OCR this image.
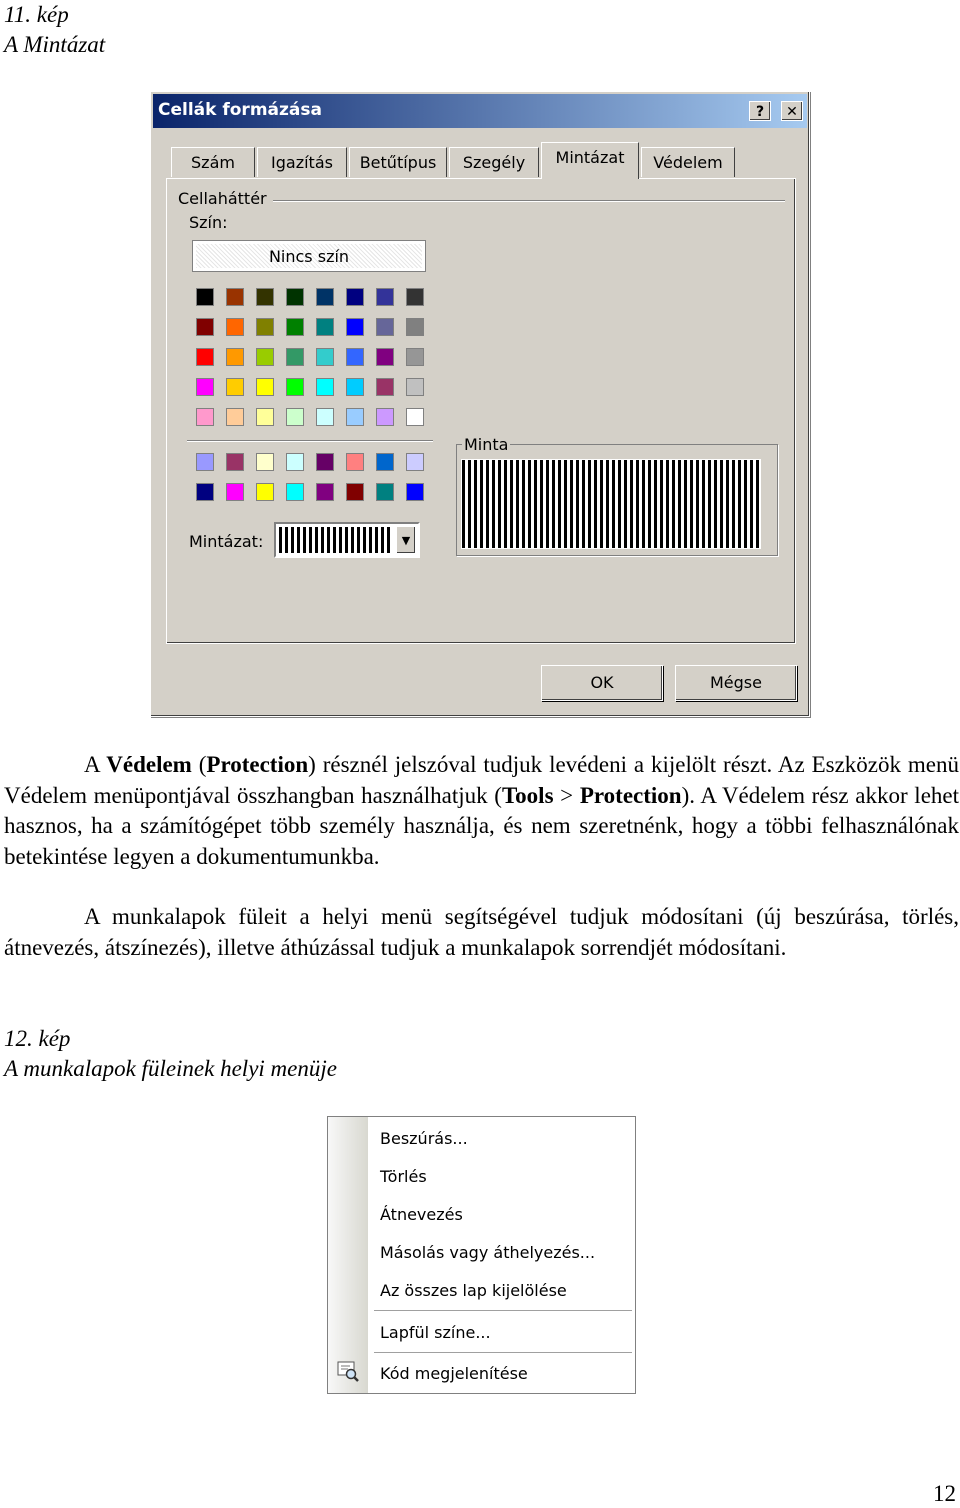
11. kép
A Mintázat
Cellák formázása	?	✕
Szám	Igazítás	Betűtípus	Szegély	Mintázat	Védelem
Cellaháttér
Szín:
Nincs szín
Minta
Mintázat:	▼
OK	Mégse
A Védelem (Protection) résznél jelszóval tudjuk levédeni a kijelölt részt. Az Eszközök menü Védelem menüpontjával összhangban használhatjuk (Tools > Protection). A Védelem rész akkor lehet hasznos, ha a számítógépet több személy használja, és nem szeretnénk, hogy a többi felhasználónak betekintése legyen a dokumentumunkba.
A munkalapok füleit a helyi menü segítségével tudjuk módosítani (új beszúrása, törlés, átnevezés, átszínezés), illetve áthúzással tudjuk a munkalapok sorrendjét módosítani.
12. kép
A munkalapok füleinek helyi menüje
Beszúrás...
Törlés
Átnevezés
Másolás vagy áthelyezés...
Az összes lap kijelölése
Lapfül színe...
Kód megjelenítése
12
